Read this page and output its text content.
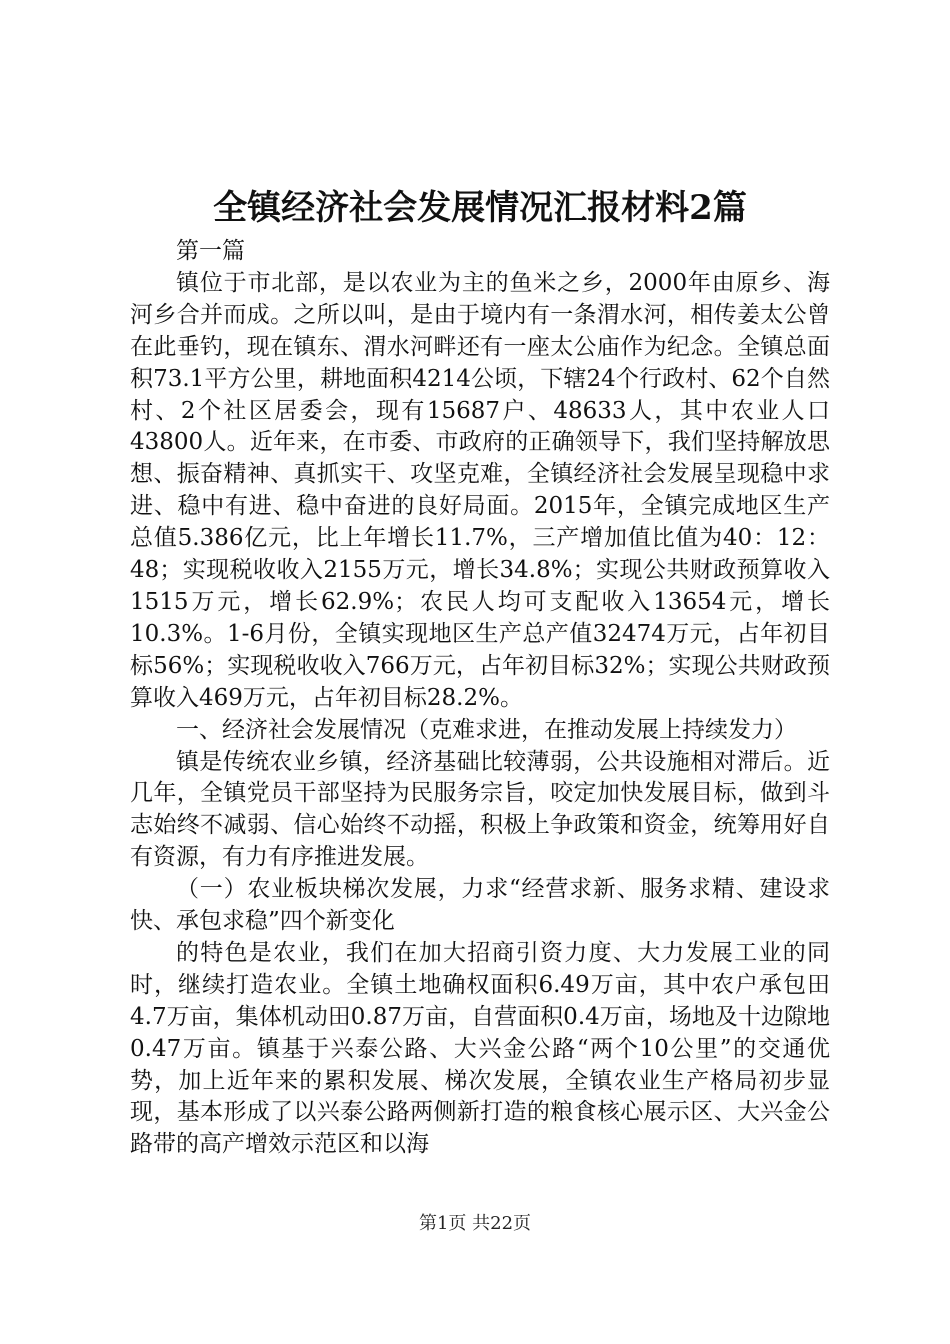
全镇经济社会发展情况汇报材料2篇

第一篇

镇位于市北部，是以农业为主的鱼米之乡，2000年由原乡、海河乡合并而成。之所以叫，是由于境内有一条渭水河，相传姜太公曾在此垂钓，现在镇东、渭水河畔还有一座太公庙作为纪念。全镇总面积73.1平方公里，耕地面积4214公顷，下辖24个行政村、62个自然村、2个社区居委会，现有15687户、48633人，其中农业人口43800人。近年来，在市委、市政府的正确领导下，我们坚持解放思想、振奋精神、真抓实干、攻坚克难，全镇经济社会发展呈现稳中求进、稳中有进、稳中奋进的良好局面。2015年，全镇完成地区生产总值5.386亿元，比上年增长11.7%，三产增加值比值为40：12：48；实现税收收入2155万元，增长34.8%；实现公共财政预算收入1515万元，增长62.9%；农民人均可支配收入13654元，增长10.3%。1-6月份，全镇实现地区生产总产值32474万元，占年初目标56%；实现税收收入766万元，占年初目标32%；实现公共财政预算收入469万元，占年初目标28.2%。

一、经济社会发展情况（克难求进，在推动发展上持续发力）

镇是传统农业乡镇，经济基础比较薄弱，公共设施相对滞后。近几年，全镇党员干部坚持为民服务宗旨，咬定加快发展目标，做到斗志始终不减弱、信心始终不动摇，积极上争政策和资金，统筹用好自有资源，有力有序推进发展。

（一）农业板块梯次发展，力求“经营求新、服务求精、建设求快、承包求稳”四个新变化

的特色是农业，我们在加大招商引资力度、大力发展工业的同时，继续打造农业。全镇土地确权面积6.49万亩，其中农户承包田4.7万亩，集体机动田0.87万亩，自营面积0.4万亩，场地及十边隙地0.47万亩。镇基于兴泰公路、大兴金公路“两个10公里”的交通优势，加上近年来的累积发展、梯次发展，全镇农业生产格局初步显现，基本形成了以兴泰公路两侧新打造的粮食核心展示区、大兴金公路带的高产增效示范区和以海

第1页 共22页
